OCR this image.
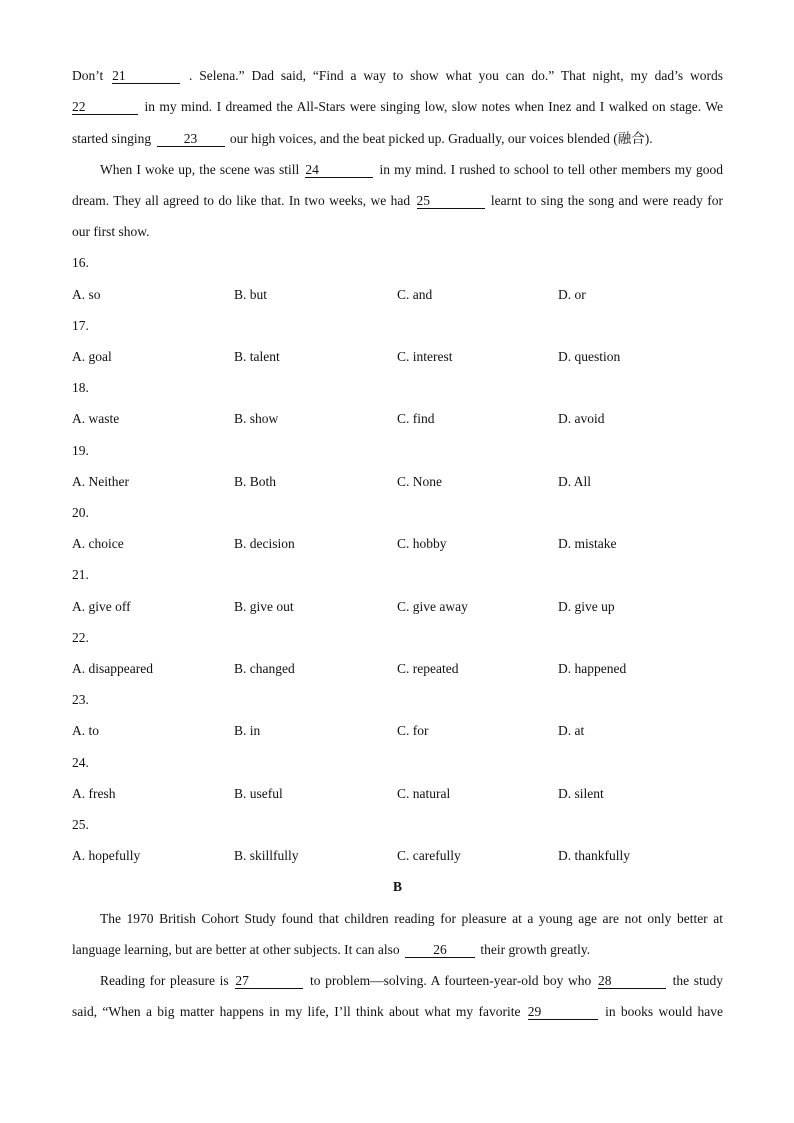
Don’t 21	. Selena.” Dad said, “Find a way to show what you can do.” That night, my dad’s words
22	in my mind. I dreamed the All-Stars were singing low, slow notes when Inez and I walked on stage. We
started singing 23 our high voices, and the beat picked up. Gradually, our voices blended (融合).
When I woke up, the scene was still 24	in my mind. I rushed to school to tell other members my good
dream. They all agreed to do like that. In two weeks, we had 25	learnt to sing the song and were ready for
our first show.
16.
A. so	B. but	C. and	D. or
17.
A. goal	B. talent	C. interest	D. question
18.
A. waste	B. show	C. find	D. avoid
19.
A. Neither	B. Both	C. None	D. All
20.
A. choice	B. decision	C. hobby	D. mistake
21.
A. give off	B. give out	C. give away	D. give up
22.
A. disappeared	B. changed	C. repeated	D. happened
23.
A. to	B. in	C. for	D. at
24.
A. fresh	B. useful	C. natural	D. silent
25.
A. hopefully	B. skillfully	C. carefully	D. thankfully
B
The 1970 British Cohort Study found that children reading for pleasure at a young age are not only better at
language learning, but are better at other subjects. It can also 26 their growth greatly.
Reading for pleasure is 27	to problem—solving. A fourteen-year-old boy who 28	the study
said, “When a big matter happens in my life, I’ll think about what my favorite 29	in books would have
